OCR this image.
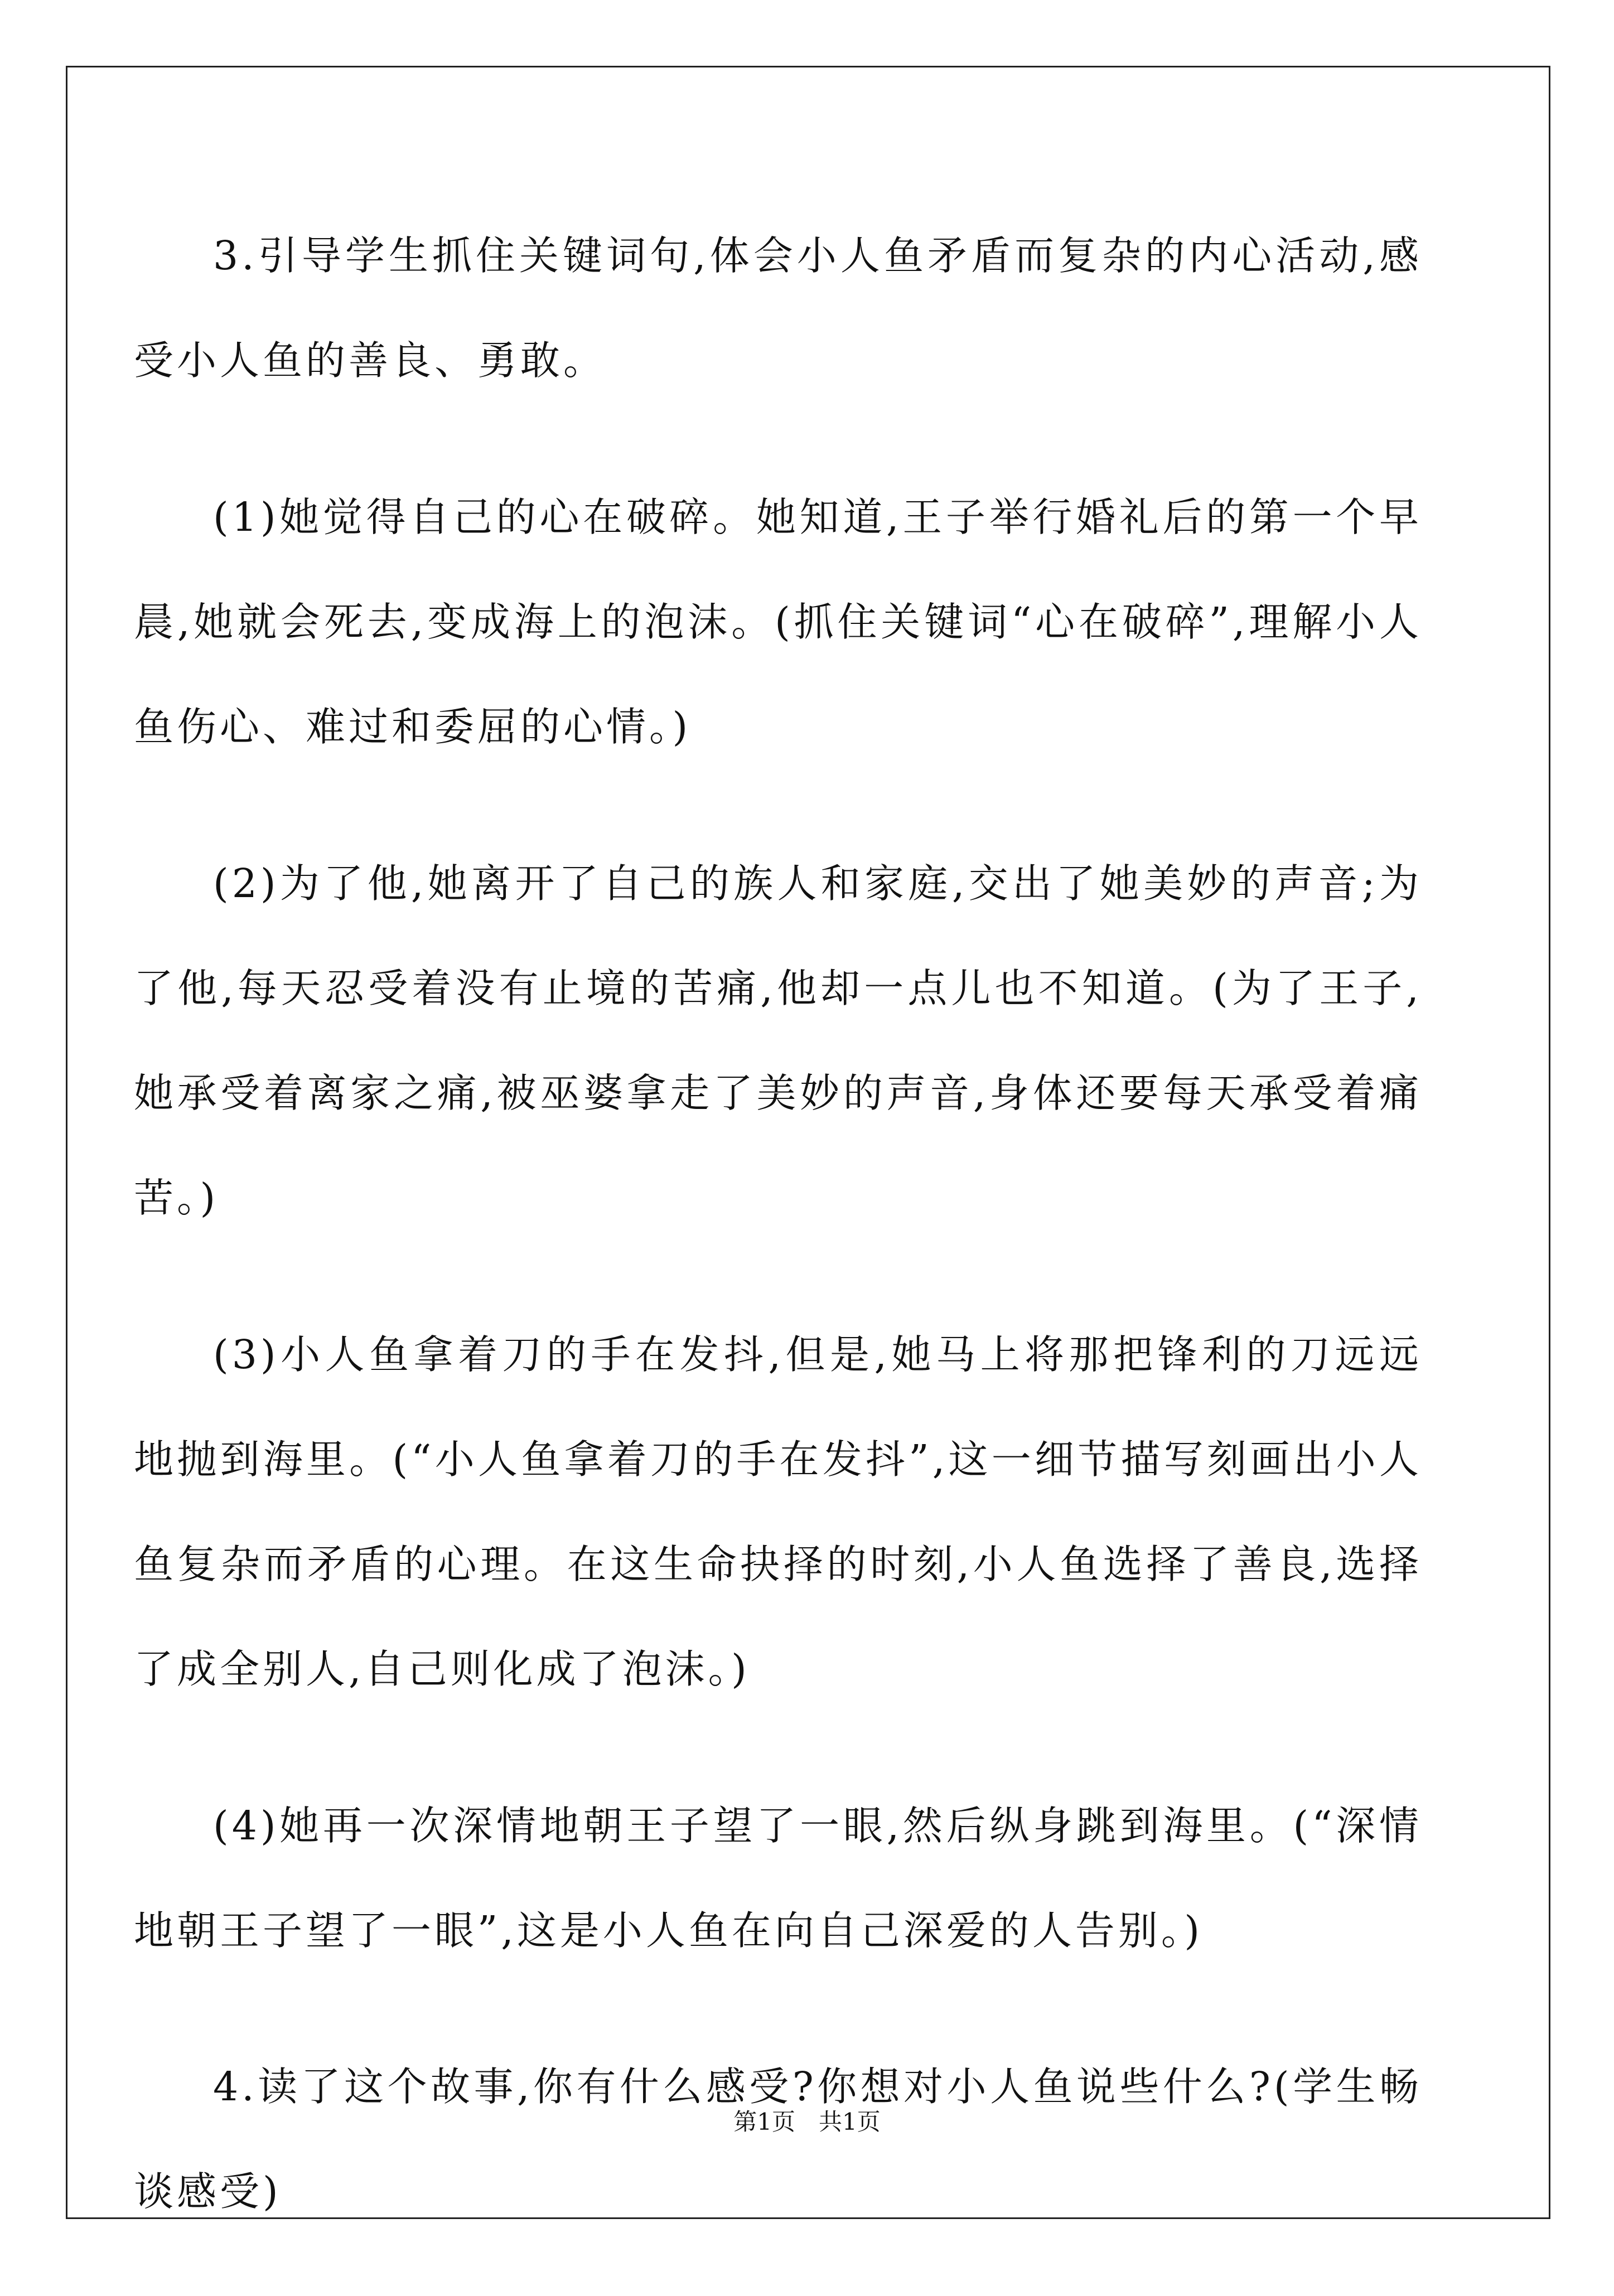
3.引导学生抓住关键词句,体会小人鱼矛盾而复杂的内心活动,感受小人鱼的善良、勇敢。

(1)她觉得自己的心在破碎。她知道,王子举行婚礼后的第一个早晨,她就会死去,变成海上的泡沫。(抓住关键词“心在破碎”,理解小人鱼伤心、难过和委屈的心情。)

(2)为了他,她离开了自己的族人和家庭,交出了她美妙的声音;为了他,每天忍受着没有止境的苦痛,他却一点儿也不知道。(为了王子,她承受着离家之痛,被巫婆拿走了美妙的声音,身体还要每天承受着痛苦。)

(3)小人鱼拿着刀的手在发抖,但是,她马上将那把锋利的刀远远地抛到海里。(“小人鱼拿着刀的手在发抖”,这一细节描写刻画出小人鱼复杂而矛盾的心理。在这生命抉择的时刻,小人鱼选择了善良,选择了成全别人,自己则化成了泡沫。)

(4)她再一次深情地朝王子望了一眼,然后纵身跳到海里。(“深情地朝王子望了一眼”,这是小人鱼在向自己深爱的人告别。)

4.读了这个故事,你有什么感受?你想对小人鱼说些什么?(学生畅谈感受)

第1页 共1页
